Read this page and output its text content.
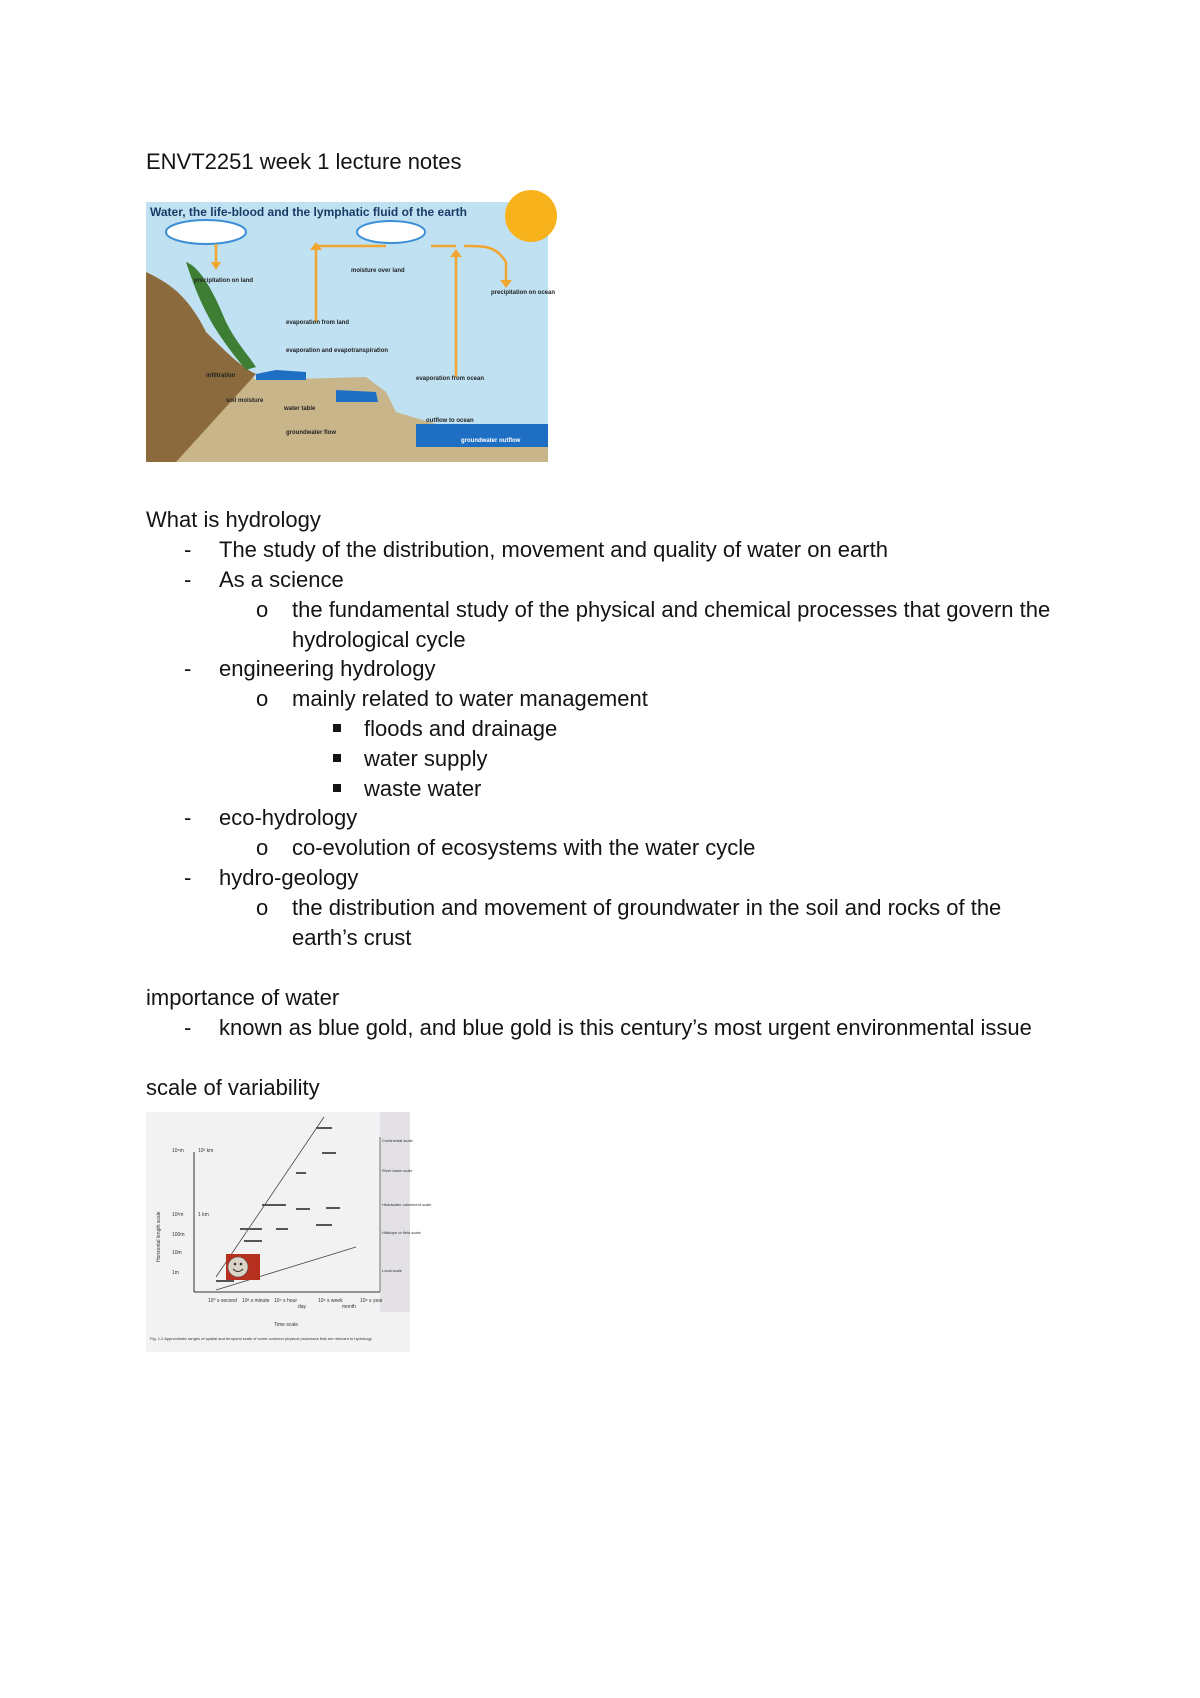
ENVT2251 week 1 lecture notes
Water, the life-blood and the lymphatic fluid of the earth
precipitation on land
moisture over land
precipitation on ocean
evaporation from land
evaporation and evapotranspiration
infiltration	evaporation from ocean
soil moisture
water table
outflow to ocean
groundwater flow
groundwater outflow
What is hydrology
- The study of the distribution, movement and quality of water on earth
- As a science
o the fundamental study of the physical and chemical processes that govern the
hydrological cycle
- engineering hydrology
o mainly related to water management
floods and drainage
water supply
waste water
- eco-hydrology
o co-evolution of ecosystems with the water cycle
- hydro-geology
o the distribution and movement of groundwater in the soil and rocks of the
earth’s crust
importance of water
- known as blue gold, and blue gold is this century’s most urgent environmental issue
scale of variability
10⁶m	10³ km
10³m	1 km
100m
10m
1m
10⁰ s second 10² s minute 10⁴ s hour
day
10⁶ s week
month
10⁸ s year
Horizontal length scale
Time scale
Continental scale
River basin scale
Headwater catchment scale
Hillslope or field scale
Local scale
Fig. 1.2 Approximate ranges of spatial and temporal scale of some common physical processes that are relevant to hydrology.
